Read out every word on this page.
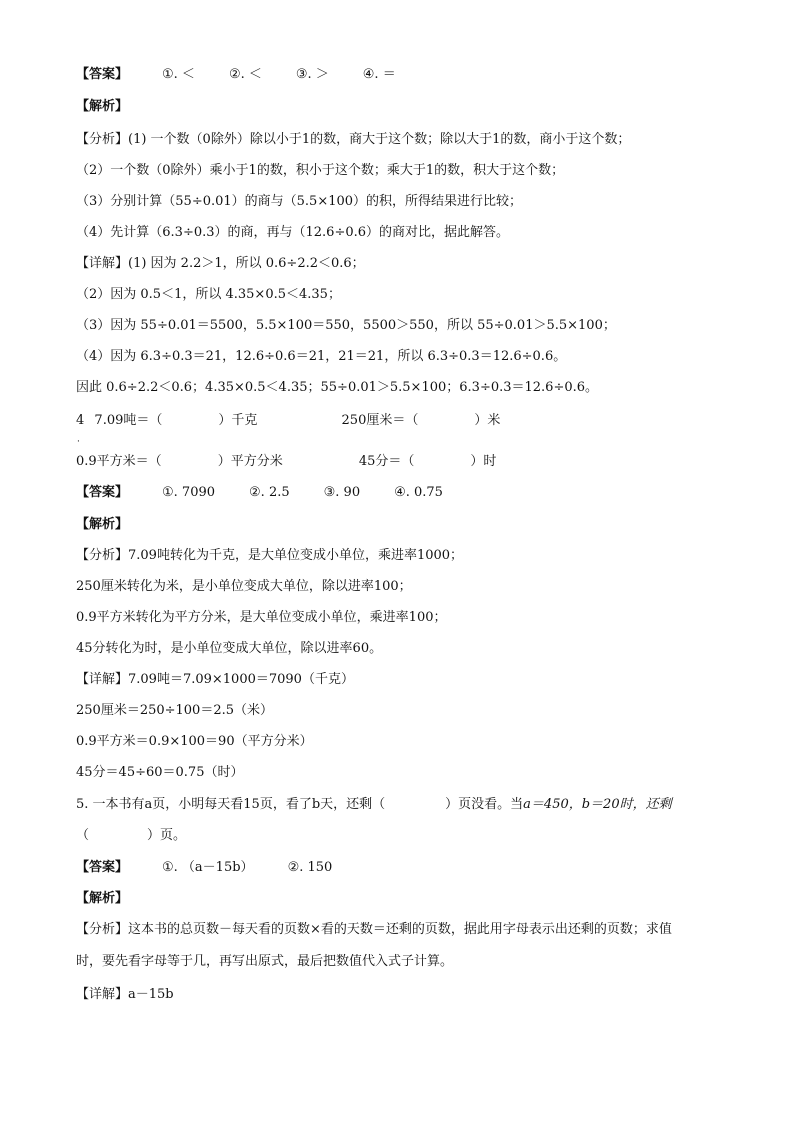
【答案】	①. ＜	②. ＜	③. ＞	④. ＝
【解析】
【分析】(1) 一个数（0除外）除以小于1的数，商大于这个数；除以大于1的数，商小于这个数；
（2）一个数（0除外）乘小于1的数，积小于这个数；乘大于1的数，积大于这个数；
（3）分别计算（55÷0.01）的商与（5.5×100）的积，所得结果进行比较；
（4）先计算（6.3÷0.3）的商，再与（12.6÷0.6）的商对比，据此解答。
【详解】(1) 因为 2.2＞1，所以 0.6÷2.2＜0.6；
（2）因为 0.5＜1，所以 4.35×0.5＜4.35；
（3）因为 55÷0.01＝5500，5.5×100＝550，5500＞550，所以 55÷0.01＞5.5×100；
（4）因为 6.3÷0.3＝21，12.6÷0.6＝21，21＝21，所以 6.3÷0.3＝12.6÷0.6。
因此 0.6÷2.2＜0.6；4.35×0.5＜4.35；55÷0.01＞5.5×100；6.3÷0.3＝12.6÷0.6。
4 7.09吨＝（	）千克	250厘米＝（	）米
·
0.9平方米＝（	）平方分米	45分＝（	）时
【答案】	①. 7090	②. 2.5	③. 90	④. 0.75
【解析】
【分析】7.09吨转化为千克，是大单位变成小单位，乘进率1000；
250厘米转化为米，是小单位变成大单位，除以进率100；
0.9平方米转化为平方分米，是大单位变成小单位，乘进率100；
45分转化为时，是小单位变成大单位，除以进率60。
【详解】7.09吨＝7.09×1000＝7090（千克）
250厘米＝250÷100＝2.5（米）
0.9平方米＝0.9×100＝90（平方分米）
45分＝45÷60＝0.75（时）
5. 一本书有a页，小明每天看15页，看了b天，还剩（	）页没看。当a＝450，b＝20时，还剩
（	）页。
【答案】	①. （a－15b）	②. 150
【解析】
【分析】这本书的总页数－每天看的页数×看的天数＝还剩的页数，据此用字母表示出还剩的页数；求值
时，要先看字母等于几，再写出原式，最后把数值代入式子计算。
【详解】a－15b
